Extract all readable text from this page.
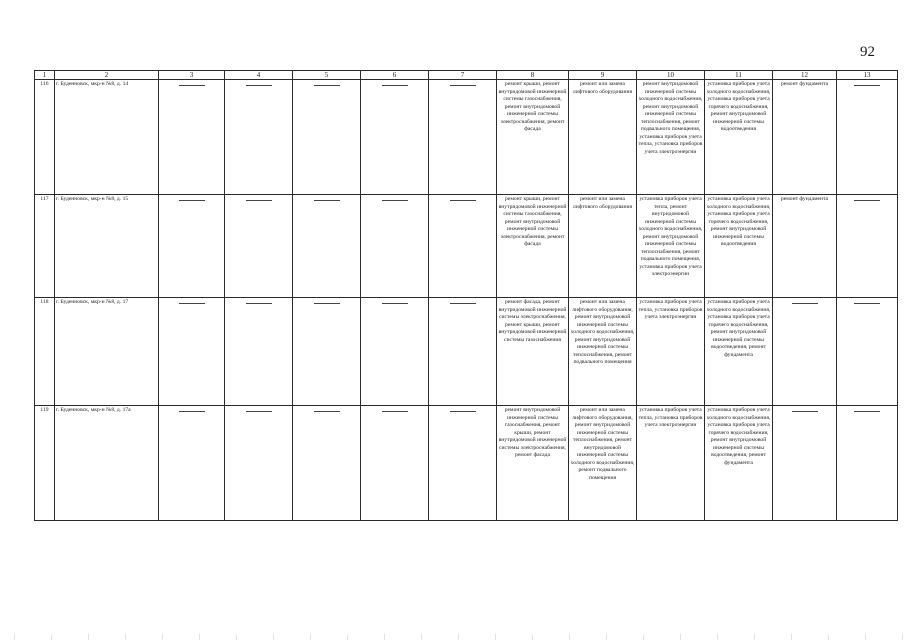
92
1	2	3	4	5	6	7	8	9	10	11	12	13
116	г. Буденновск, мкр-н №8, д. 14						ремонт крыши, ремонт внутридомовой инженерной системы газоснабжения, ремонт внутридомовой инженерной системы электроснабжения, ремонт фасада	ремонт или замена лифтового оборудования	ремонт внутридомовой инженерной системы холодного водоснабжения, ремонт внутридомовой инженерной системы теплоснабжения, ремонт подвального помещения, установка приборов учета тепла, установка приборов учета электроэнергии	установка приборов учета холодного водоснабжения, установка приборов учета горячего водоснабжения, ремонт внутридомовой инженерной системы водоотведения	ремонт фундамента	

117	г. Буденновск, мкр-н №8, д. 15						ремонт крыши, ремонт внутридомовой инженерной системы газоснабжения, ремонт внутридомовой инженерной системы электроснабжения, ремонт фасада	ремонт или замена лифтового оборудования	установка приборов учета тепла, ремонт внутридомовой инженерной системы холодного водоснабжения, ремонт внутридомовой инженерной системы теплоснабжения, ремонт подвального помещения, установка приборов учета электроэнергии	установка приборов учета холодного водоснабжения, установка приборов учета горячего водоснабжения, ремонт внутридомовой инженерной системы водоотведения	ремонт фундамента	

118	г. Буденновск, мкр-н №8, д. 17						ремонт фасада, ремонт внутридомовой инженерной системы электроснабжения, ремонт крыши, ремонт внутридомовой инженерной системы газоснабжения	ремонт или замена лифтового оборудования, ремонт внутридомовой инженерной системы холодного водоснабжения, ремонт внутридомовой инженерной системы теплоснабжения, ремонт подвального помещения	установка приборов учета тепла, установка приборов учета электроэнергии	установка приборов учета холодного водоснабжения, установка приборов учета горячего водоснабжения, ремонт внутридомовой инженерной системы водоотведения, ремонт фундамента	

119	г. Буденновск, мкр-н №8, д. 17а						ремонт внутридомовой инженерной системы газоснабжения, ремонт крыши, ремонт внутридомовой инженерной системы электроснабжения, ремонт фасада	ремонт или замена лифтового оборудования, ремонт внутридомовой инженерной системы теплоснабжения, ремонт внутридомовой инженерной системы холодного водоснабжения, ремонт подвального помещения	установка приборов учета тепла, установка приборов учета электроэнергии	установка приборов учета холодного водоснабжения, установка приборов учета горячего водоснабжения, ремонт внутридомовой инженерной системы водоотведения, ремонт фундамента	
